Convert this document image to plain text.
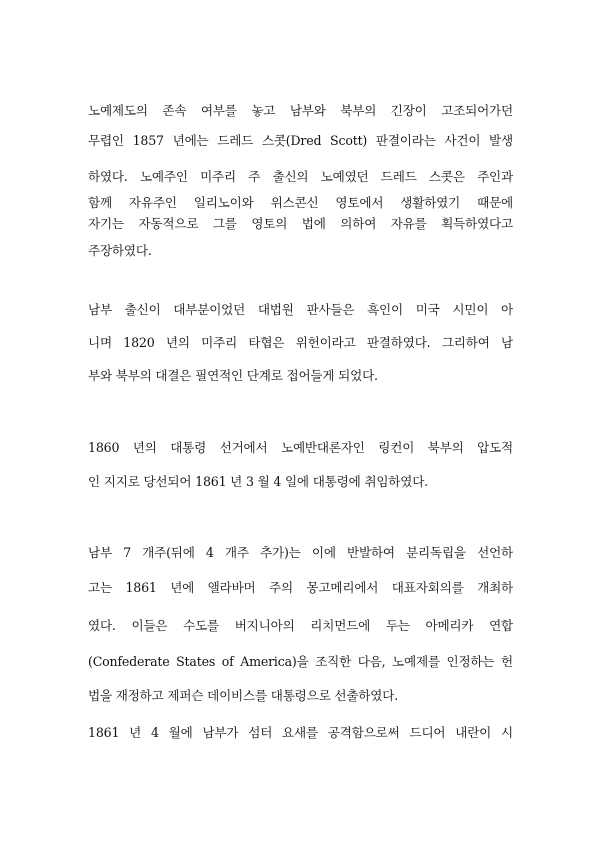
노예제도의 존속 여부를 놓고 남부와 북부의 긴장이 고조되어가던
무렵인 1857 년에는 드레드 스콧(Dred Scott) 판결이라는 사건이 발생
하였다. 노예주인 미주리 주 출신의 노예였던 드레드 스콧은 주인과
함께 자유주인 일리노이와 위스콘신 영토에서 생활하였기 때문에
자기는 자동적으로 그를 영토의 법에 의하여 자유를 획득하였다고
주장하였다.
남부 출신이 대부분이었던 대법원 판사들은 흑인이 미국 시민이 아
니며 1820 년의 미주리 타협은 위헌이라고 판결하였다. 그리하여 남
부와 북부의 대결은 필연적인 단계로 접어들게 되었다.
1860 년의 대통령 선거에서 노예반대론자인 링컨이 북부의 압도적
인 지지로 당선되어 1861 년 3 월 4 일에 대통령에 취임하였다.
남부 7 개주(뒤에 4 개주 추가)는 이에 반발하여 분리독립을 선언하
고는 1861 년에 앨라바머 주의 몽고메리에서 대표자회의를 개최하
였다. 이들은 수도를 버지니아의 리치먼드에 두는 아메리카 연합
(Confederate States of America)을 조직한 다음, 노예제를 인정하는 헌
법을 재정하고 제퍼슨 데이비스를 대통령으로 선출하였다.
1861 년 4 월에 남부가 섬터 요새를 공격함으로써 드디어 내란이 시
